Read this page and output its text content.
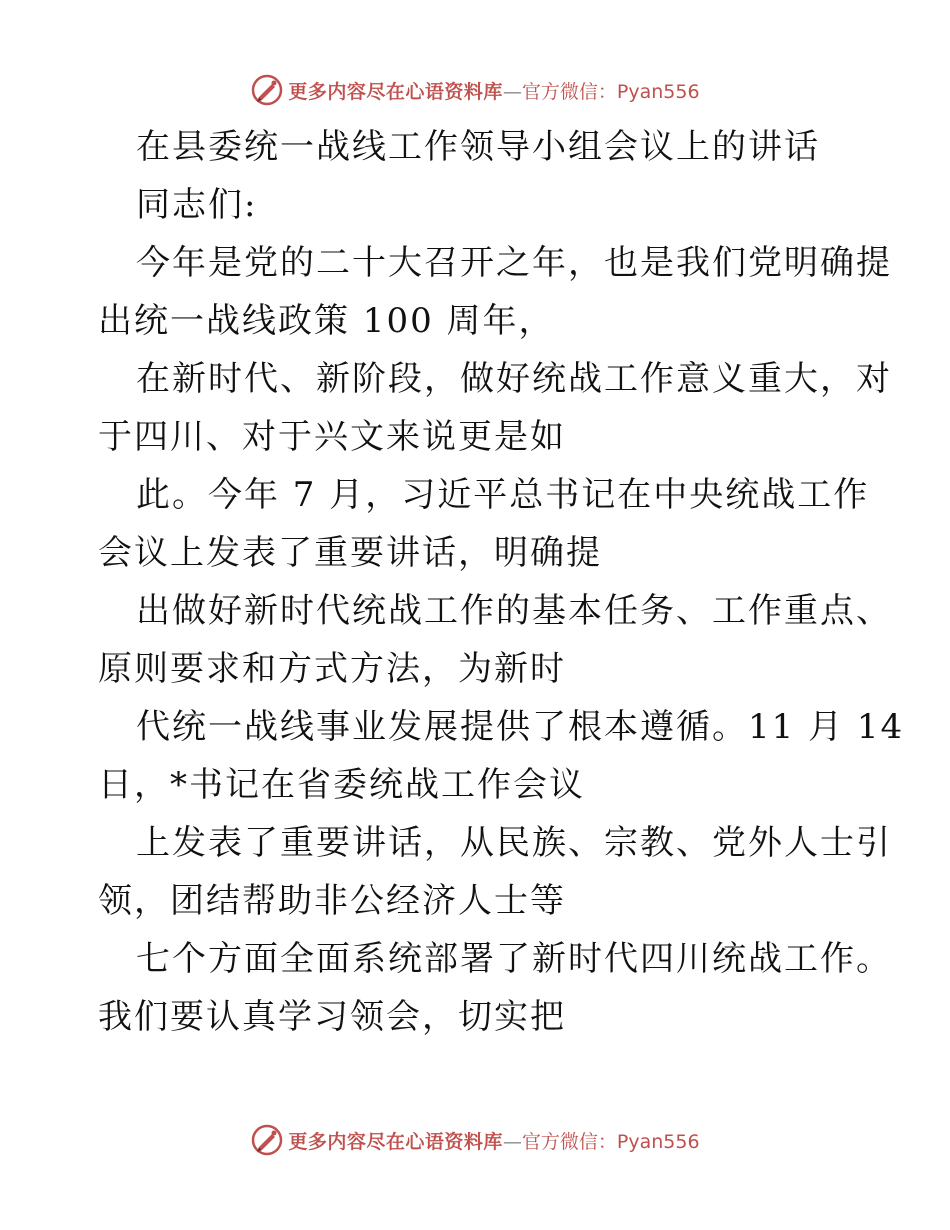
更多内容尽在心语资料库—官方微信：Pyan556
在县委统一战线工作领导小组会议上的讲话
同志们:
今年是党的二十大召开之年，也是我们党明确提
出统一战线政策 100 周年，
在新时代、新阶段，做好统战工作意义重大，对
于四川、对于兴文来说更是如
此。今年 7 月，习近平总书记在中央统战工作
会议上发表了重要讲话，明确提
出做好新时代统战工作的基本任务、工作重点、
原则要求和方式方法，为新时
代统一战线事业发展提供了根本遵循。11 月 14
日，*书记在省委统战工作会议
上发表了重要讲话，从民族、宗教、党外人士引
领，团结帮助非公经济人士等
七个方面全面系统部署了新时代四川统战工作。
我们要认真学习领会，切实把
更多内容尽在心语资料库—官方微信：Pyan556
